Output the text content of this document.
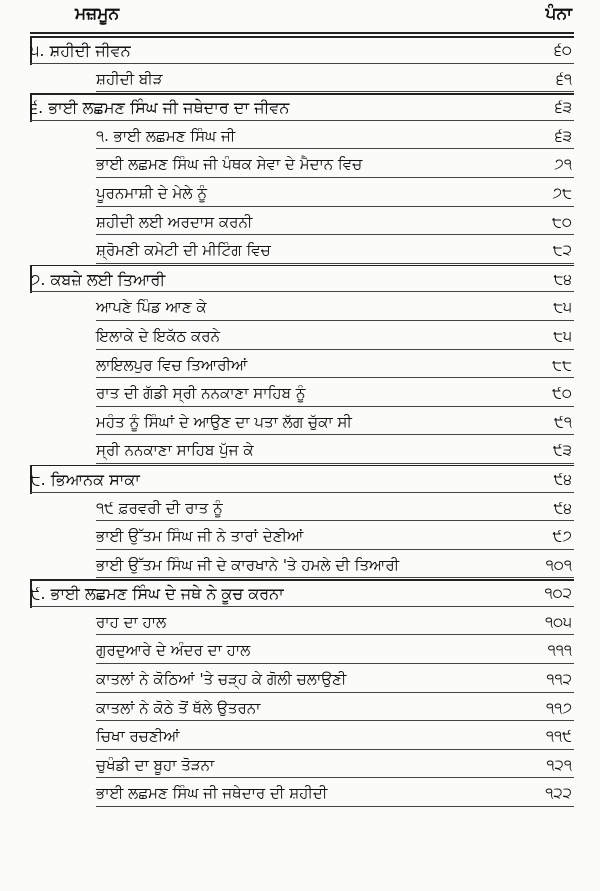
ਮਜ਼ਮੂਨ	ਪੰਨਾ
੫. ਸ਼ਹੀਦੀ ਜੀਵਨ	੬੦
ਸ਼ਹੀਦੀ ਬੀੜ	੬੧
੬. ਭਾਈ ਲਛਮਣ ਸਿੰਘ ਜੀ ਜਥੇਦਾਰ ਦਾ ਜੀਵਨ	੬੩
੧. ਭਾਈ ਲਛਮਣ ਸਿੰਘ ਜੀ	੬੩
ਭਾਈ ਲਛਮਣ ਸਿੰਘ ਜੀ ਪੰਥਕ ਸੇਵਾ ਦੇ ਮੈਦਾਨ ਵਿਚ	੭੧
ਪੂਰਨਮਾਸ਼ੀ ਦੇ ਮੇਲੇ ਨੂੰ	੭੮
ਸ਼ਹੀਦੀ ਲਈ ਅਰਦਾਸ ਕਰਨੀ	੮੦
ਸ਼੍ਰੋਮਣੀ ਕਮੇਟੀ ਦੀ ਮੀਟਿੰਗ ਵਿਚ	੮੨
੭. ਕਬਜ਼ੇ ਲਈ ਤਿਆਰੀ	੮੪
ਆਪਣੇ ਪਿੰਡ ਆਣ ਕੇ	੮੫
ਇਲਾਕੇ ਦੇ ਇਕੱਠ ਕਰਨੇ	੮੫
ਲਾਇਲਪੁਰ ਵਿਚ ਤਿਆਰੀਆਂ	੮੮
ਰਾਤ ਦੀ ਗੱਡੀ ਸ੍ਰੀ ਨਨਕਾਣਾ ਸਾਹਿਬ ਨੂੰ	੯੦
ਮਹੰਤ ਨੂੰ ਸਿੰਘਾਂ ਦੇ ਆਉਣ ਦਾ ਪਤਾ ਲੱਗ ਚੁੱਕਾ ਸੀ	੯੧
ਸ੍ਰੀ ਨਨਕਾਣਾ ਸਾਹਿਬ ਪੁੱਜ ਕੇ	੯੩
੮. ਭਿਆਨਕ ਸਾਕਾ	੯੪
੧੯ ਫ਼ਰਵਰੀ ਦੀ ਰਾਤ ਨੂੰ	੯੪
ਭਾਈ ਉੱਤਮ ਸਿੰਘ ਜੀ ਨੇ ਤਾਰਾਂ ਦੇਣੀਆਂ	੯੭
ਭਾਈ ਉੱਤਮ ਸਿੰਘ ਜੀ ਦੇ ਕਾਰਖਾਨੇ 'ਤੇ ਹਮਲੇ ਦੀ ਤਿਆਰੀ	੧੦੧
੯. ਭਾਈ ਲਛਮਣ ਸਿੰਘ ਦੇ ਜਥੇ ਨੇ ਕੂਚ ਕਰਨਾ	੧੦੨
ਰਾਹ ਦਾ ਹਾਲ	੧੦੫
ਗੁਰਦੁਆਰੇ ਦੇ ਅੰਦਰ ਦਾ ਹਾਲ	੧੧੧
ਕਾਤਲਾਂ ਨੇ ਕੋਠਿਆਂ 'ਤੇ ਚੜ੍ਹ ਕੇ ਗੋਲੀ ਚਲਾਉਣੀ	੧੧੨
ਕਾਤਲਾਂ ਨੇ ਕੋਠੇ ਤੋਂ ਥੱਲੇ ਉਤਰਨਾ	੧੧੭
ਚਿਖਾ ਰਚਣੀਆਂ	੧੧੯
ਚੁਖੰਡੀ ਦਾ ਬੂਹਾ ਤੋੜਨਾ	੧੨੧
ਭਾਈ ਲਛਮਣ ਸਿੰਘ ਜੀ ਜਥੇਦਾਰ ਦੀ ਸ਼ਹੀਦੀ	੧੨੨
